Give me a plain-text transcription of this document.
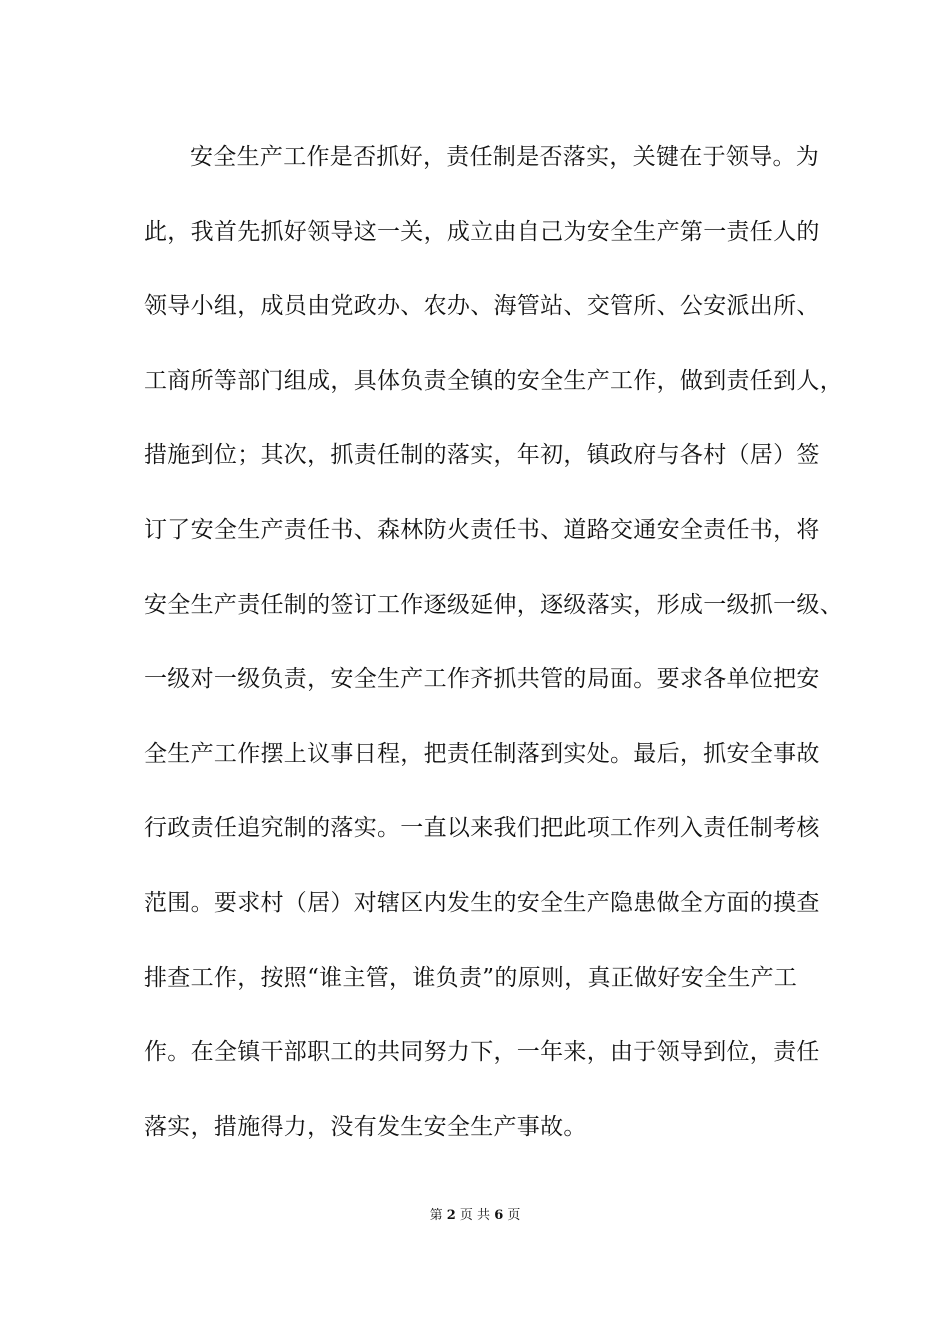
安全生产工作是否抓好，责任制是否落实，关键在于领导。为
此，我首先抓好领导这一关，成立由自己为安全生产第一责任人的
领导小组，成员由党政办、农办、海管站、交管所、公安派出所、
工商所等部门组成，具体负责全镇的安全生产工作，做到责任到人，
措施到位；其次，抓责任制的落实，年初，镇政府与各村（居）签
订了安全生产责任书、森林防火责任书、道路交通安全责任书，将
安全生产责任制的签订工作逐级延伸，逐级落实，形成一级抓一级、
一级对一级负责，安全生产工作齐抓共管的局面。要求各单位把安
全生产工作摆上议事日程，把责任制落到实处。最后，抓安全事故
行政责任追究制的落实。一直以来我们把此项工作列入责任制考核
范围。要求村（居）对辖区内发生的安全生产隐患做全方面的摸查
排查工作，按照“谁主管，谁负责”的原则，真正做好安全生产工
作。在全镇干部职工的共同努力下，一年来，由于领导到位，责任
落实，措施得力，没有发生安全生产事故。
第 2 页 共 6 页
